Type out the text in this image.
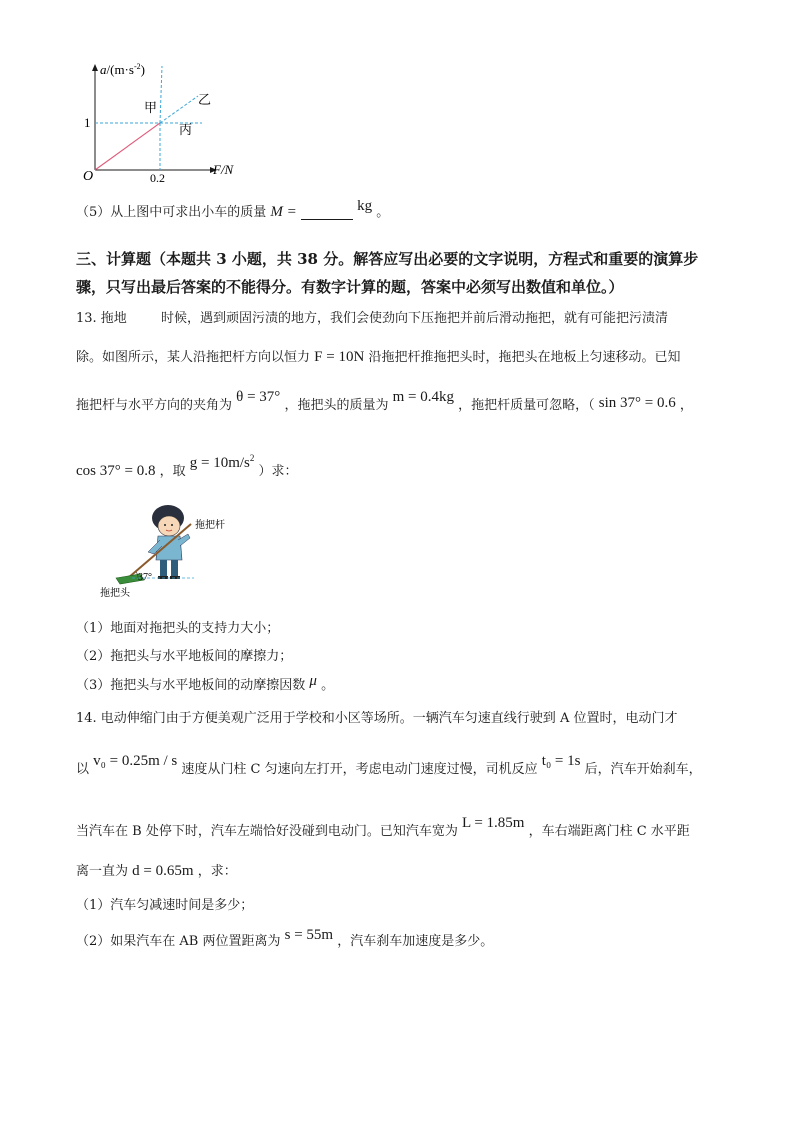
$a/(m\cdot s^{-2})$
F/N
O
1
0.2
甲
乙
丙
（5）从上图中可求出小车的质量 M =	kg 。
三、计算题（本题共 3 小题，共 38 分。解答应写出必要的文字说明，方程式和重要的演算步
骤，只写出最后答案的不能得分。有数字计算的题，答案中必须写出数值和单位。）
13. 拖地	时候，遇到顽固污渍的地方，我们会使劲向下压拖把并前后滑动拖把，就有可能把污渍清
除。如图所示，某人沿拖把杆方向以恒力 F = 10N 沿拖把杆推拖把头时，拖把头在地板上匀速移动。已知
拖把杆与水平方向的夹角为 θ = 37° ，拖把头的质量为 m = 0.4kg ，拖把杆质量可忽略，（ sin 37° = 0.6 ，
cos 37° = 0.8 ，取 $g = 10m/s^2$ ）求：
37°
拖把杆
拖把头
（1）地面对拖把头的支持力大小；
（2）拖把头与水平地板间的摩擦力；
（3）拖把头与水平地板间的动摩擦因数 μ 。
14. 电动伸缩门由于方便美观广泛用于学校和小区等场所。一辆汽车匀速直线行驶到 A 位置时，电动门才
以 v₀ = 0.25m / s 速度从门柱 C 匀速向左打开，考虑电动门速度过慢，司机反应 t₀ = 1s 后，汽车开始刹车，
当汽车在 B 处停下时，汽车左端恰好没碰到电动门。已知汽车宽为 L = 1.85m ，车右端距离门柱 C 水平距
离一直为 d = 0.65m ，求：
（1）汽车匀减速时间是多少；
（2）如果汽车在 AB 两位置距离为 s = 55m ，汽车刹车加速度是多少。
